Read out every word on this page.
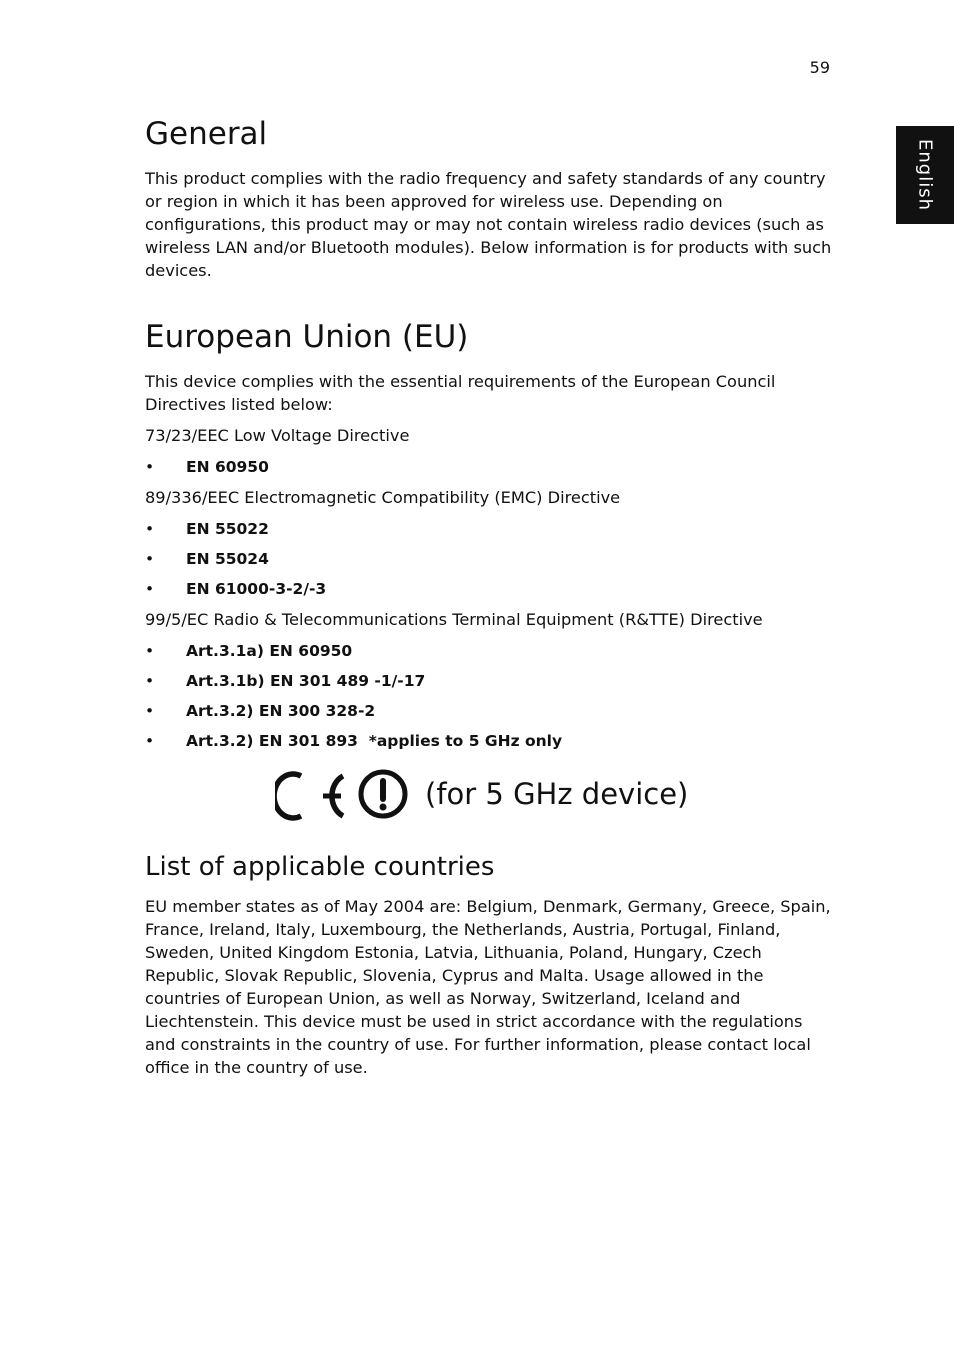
59
English
General

This product complies with the radio frequency and safety standards of any country or region in which it has been approved for wireless use. Depending on configurations, this product may or may not contain wireless radio devices (such as wireless LAN and/or Bluetooth modules). Below information is for products with such devices.

European Union (EU)

This device complies with the essential requirements of the European Council Directives listed below:

73/23/EEC Low Voltage Directive
• EN 60950
89/336/EEC Electromagnetic Compatibility (EMC) Directive
• EN 55022
• EN 55024
• EN 61000-3-2/-3
99/5/EC Radio & Telecommunications Terminal Equipment (R&TTE) Directive
• Art.3.1a) EN 60950
• Art.3.1b) EN 301 489 -1/-17
• Art.3.2) EN 300 328-2
• Art.3.2) EN 301 893  *applies to 5 GHz only
(for 5 GHz device)
List of applicable countries

EU member states as of May 2004 are: Belgium, Denmark, Germany, Greece, Spain, France, Ireland, Italy, Luxembourg, the Netherlands, Austria, Portugal, Finland, Sweden, United Kingdom Estonia, Latvia, Lithuania, Poland, Hungary, Czech Republic, Slovak Republic, Slovenia, Cyprus and Malta. Usage allowed in the countries of European Union, as well as Norway, Switzerland, Iceland and Liechtenstein. This device must be used in strict accordance with the regulations and constraints in the country of use. For further information, please contact local office in the country of use.
